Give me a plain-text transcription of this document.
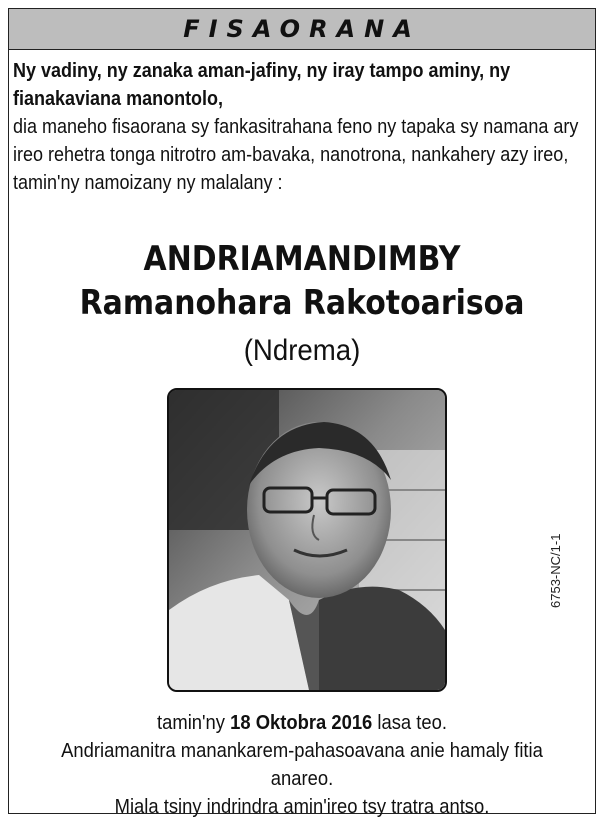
FISAORANA
Ny vadiny, ny zanaka aman-jafiny, ny iray tampo aminy, ny fianakaviana manontolo,
dia maneho fisaorana sy fankasitrahana feno ny tapaka sy namana ary ireo rehetra tonga nitrotro am-bavaka, nanotrona, nankahery azy ireo, tamin'ny namoizany ny malalany :
ANDRIAMANDIMBY
Ramanohara Rakotoarisoa
(Ndrema)
tamin'ny 18 Oktobra 2016 lasa teo.
Andriamanitra manankarem-pahasoavana anie hamaly fitia anareo.
Miala tsiny indrindra amin'ireo tsy tratra antso.
6753-NC/1-1
